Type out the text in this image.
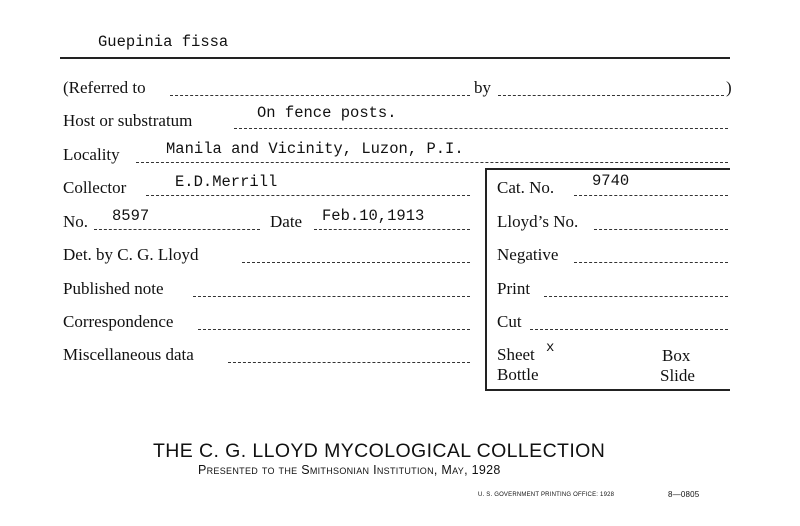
Guepinia fissa
(Referred to	by	)
Host or substratum	On fence posts.
Locality	Manila and Vicinity, Luzon, P.I.
Collector	E.D.Merrill
No. 8597	Date Feb.10,1913
Det. by C. G. Lloyd
Published note
Correspondence
Miscellaneous data
Cat. No. 9740
Lloyd’s No.
Negative
Print
Cut
Sheet x	Box
Bottle	Slide
THE C. G. LLOYD MYCOLOGICAL COLLECTION
Presented to the Smithsonian Institution, May, 1928
U. S. GOVERNMENT PRINTING OFFICE: 1928	8—0805
